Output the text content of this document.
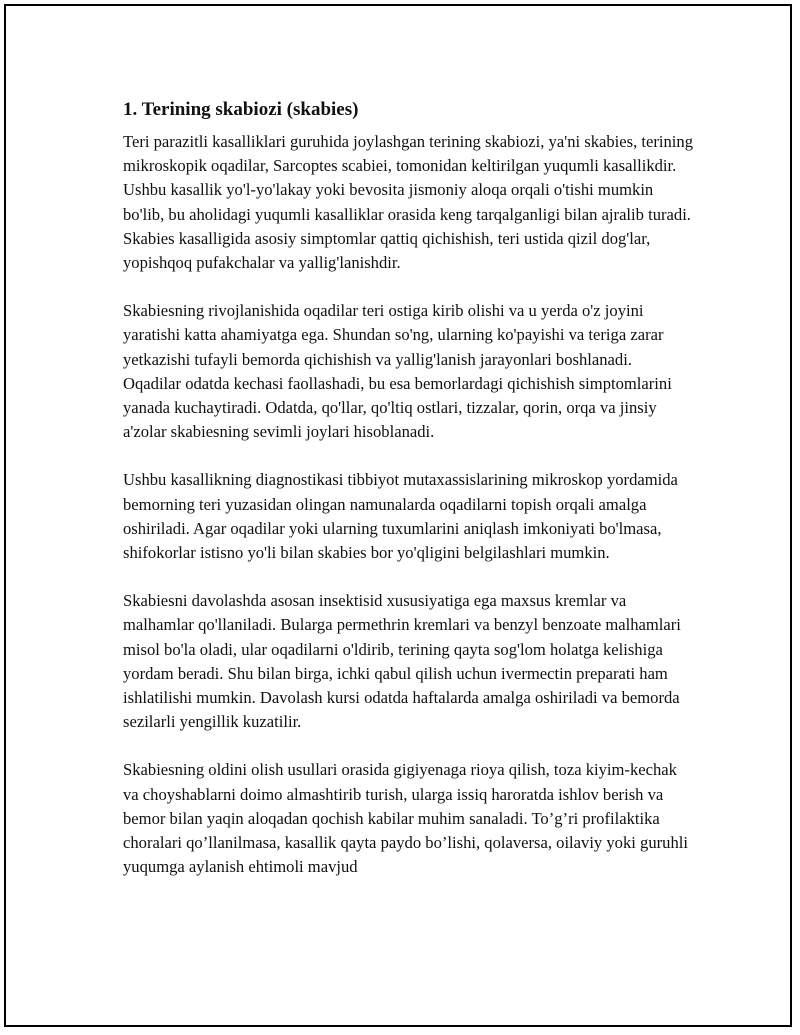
1. Terining skabiozi (skabies)

Teri parazitli kasalliklari guruhida joylashgan terining skabiozi, ya'ni skabies, terining mikroskopik oqadilar, Sarcoptes scabiei, tomonidan keltirilgan yuqumli kasallikdir. Ushbu kasallik yo'l-yo'lakay yoki bevosita jismoniy aloqa orqali o'tishi mumkin bo'lib, bu aholidagi yuqumli kasalliklar orasida keng tarqalganligi bilan ajralib turadi. Skabies kasalligida asosiy simptomlar qattiq qichishish, teri ustida qizil dog'lar, yopishqoq pufakchalar va yallig'lanishdir.

Skabiesning rivojlanishida oqadilar teri ostiga kirib olishi va u yerda o'z joyini yaratishi katta ahamiyatga ega. Shundan so'ng, ularning ko'payishi va teriga zarar yetkazishi tufayli bemorda qichishish va yallig'lanish jarayonlari boshlanadi. Oqadilar odatda kechasi faollashadi, bu esa bemorlardagi qichishish simptomlarini yanada kuchaytiradi. Odatda, qo'llar, qo'ltiq ostlari, tizzalar, qorin, orqa va jinsiy a'zolar skabiesning sevimli joylari hisoblanadi.

Ushbu kasallikning diagnostikasi tibbiyot mutaxassislarining mikroskop yordamida bemorning teri yuzasidan olingan namunalarda oqadilarni topish orqali amalga oshiriladi. Agar oqadilar yoki ularning tuxumlarini aniqlash imkoniyati bo'lmasa, shifokorlar istisno yo'li bilan skabies bor yo'qligini belgilashlari mumkin.

Skabiesni davolashda asosan insektisid xususiyatiga ega maxsus kremlar va malhamlar qo'llaniladi. Bularga permethrin kremlari va benzyl benzoate malhamlari misol bo'la oladi, ular oqadilarni o'ldirib, terining qayta sog'lom holatga kelishiga yordam beradi. Shu bilan birga, ichki qabul qilish uchun ivermectin preparati ham ishlatilishi mumkin. Davolash kursi odatda haftalarda amalga oshiriladi va bemorda sezilarli yengillik kuzatilir.

Skabiesning oldini olish usullari orasida gigiyenaga rioya qilish, toza kiyim-kechak va choyshablarni doimo almashtirib turish, ularga issiq haroratda ishlov berish va bemor bilan yaqin aloqadan qochish kabilar muhim sanaladi. To’g’ri profilaktika choralari qo’llanilmasa, kasallik qayta paydo bo’lishi, qolaversa, oilaviy yoki guruhli yuqumga aylanish ehtimoli mavjud
